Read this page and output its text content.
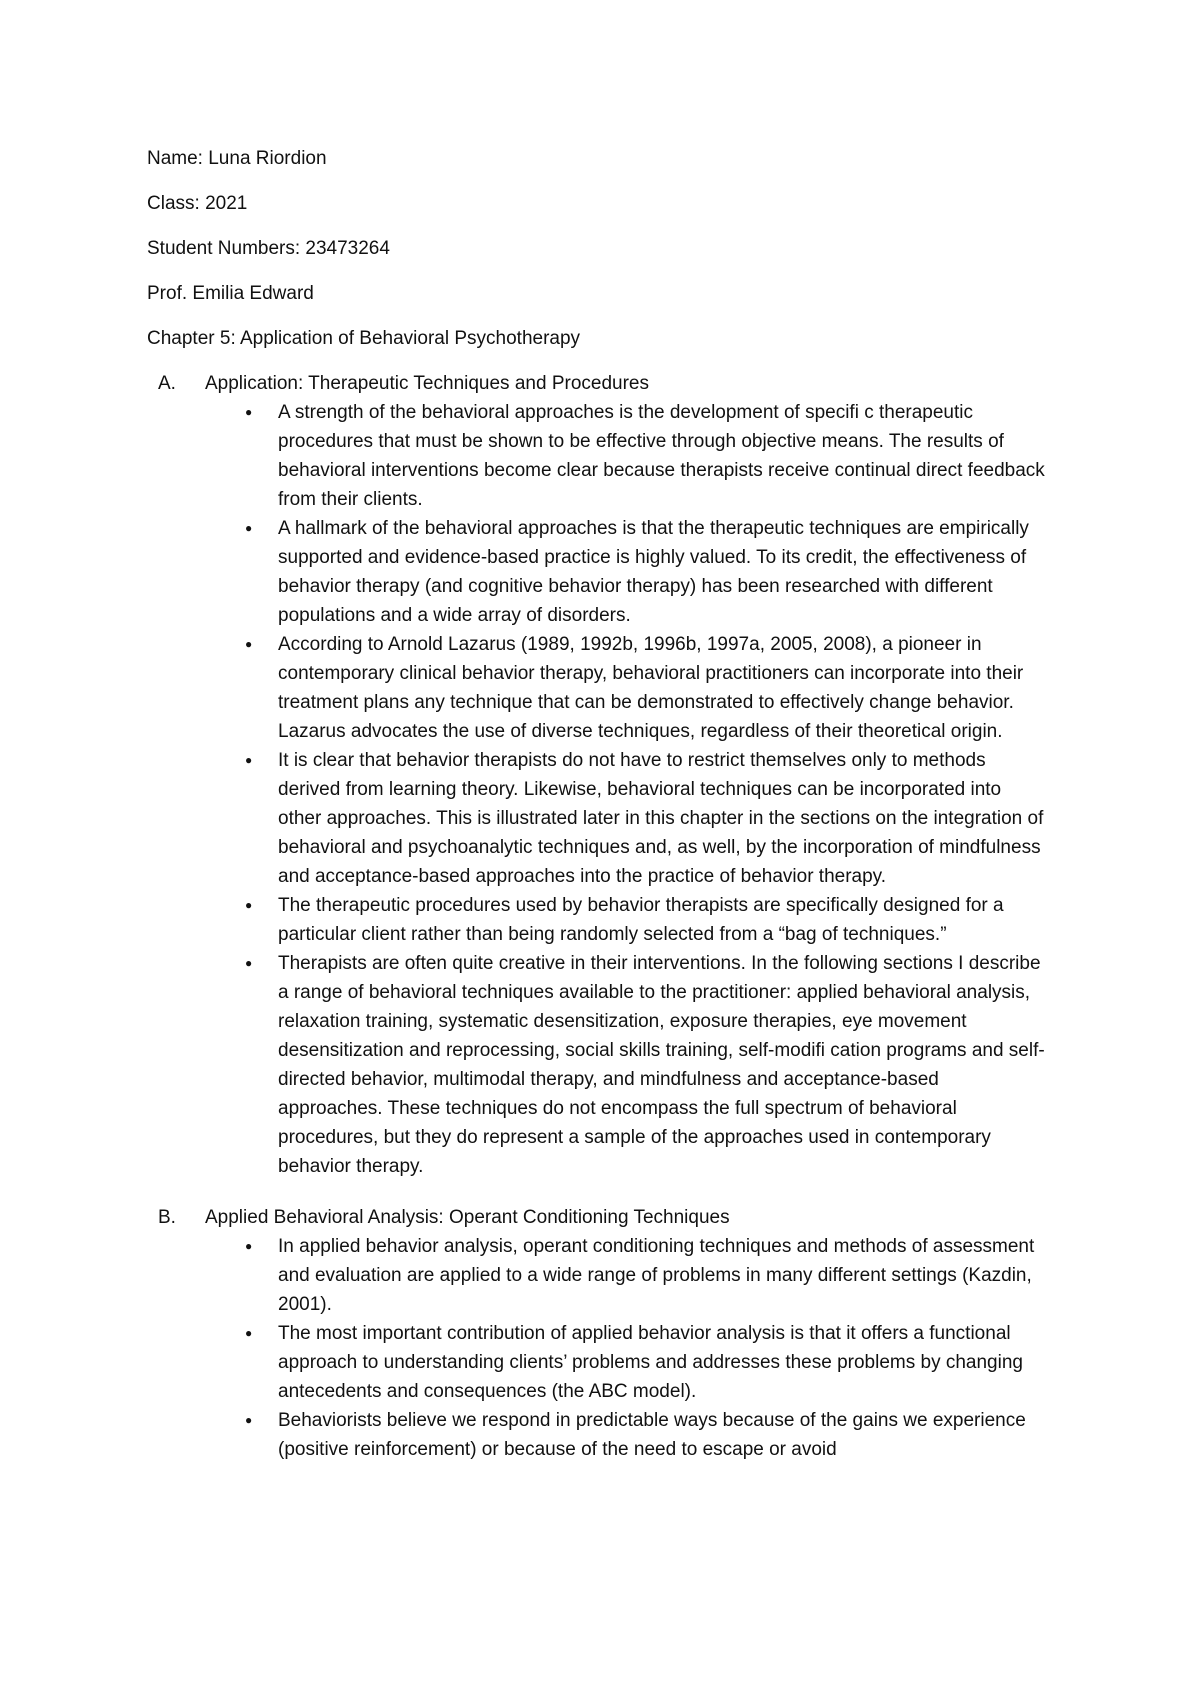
Name: Luna Riordion

Class: 2021

Student Numbers: 23473264

Prof. Emilia Edward

Chapter 5: Application of Behavioral Psychotherapy

A.	Application: Therapeutic Techniques and Procedures
●	A strength of the behavioral approaches is the development of specifi c therapeutic procedures that must be shown to be effective through objective means. The results of behavioral interventions become clear because therapists receive continual direct feedback from their clients.
●	A hallmark of the behavioral approaches is that the therapeutic techniques are empirically supported and evidence-based practice is highly valued. To its credit, the effectiveness of behavior therapy (and cognitive behavior therapy) has been researched with different populations and a wide array of disorders.
●	According to Arnold Lazarus (1989, 1992b, 1996b, 1997a, 2005, 2008), a pioneer in contemporary clinical behavior therapy, behavioral practitioners can incorporate into their treatment plans any technique that can be demonstrated to effectively change behavior. Lazarus advocates the use of diverse techniques, regardless of their theoretical origin.
●	It is clear that behavior therapists do not have to restrict themselves only to methods derived from learning theory. Likewise, behavioral techniques can be incorporated into other approaches. This is illustrated later in this chapter in the sections on the integration of behavioral and psychoanalytic techniques and, as well, by the incorporation of mindfulness and acceptance-based approaches into the practice of behavior therapy.
●	The therapeutic procedures used by behavior therapists are specifically designed for a particular client rather than being randomly selected from a “bag of techniques.”
●	Therapists are often quite creative in their interventions. In the following sections I describe a range of behavioral techniques available to the practitioner: applied behavioral analysis, relaxation training, systematic desensitization, exposure therapies, eye movement desensitization and reprocessing, social skills training, self-modifi cation programs and self-directed behavior, multimodal therapy, and mindfulness and acceptance-based approaches. These techniques do not encompass the full spectrum of behavioral procedures, but they do represent a sample of the approaches used in contemporary behavior therapy.
B.	Applied Behavioral Analysis: Operant Conditioning Techniques
●	In applied behavior analysis, operant conditioning techniques and methods of assessment and evaluation are applied to a wide range of problems in many different settings (Kazdin, 2001).
●	The most important contribution of applied behavior analysis is that it offers a functional approach to understanding clients’ problems and addresses these problems by changing antecedents and consequences (the ABC model).
●	Behaviorists believe we respond in predictable ways because of the gains we experience (positive reinforcement) or because of the need to escape or avoid
